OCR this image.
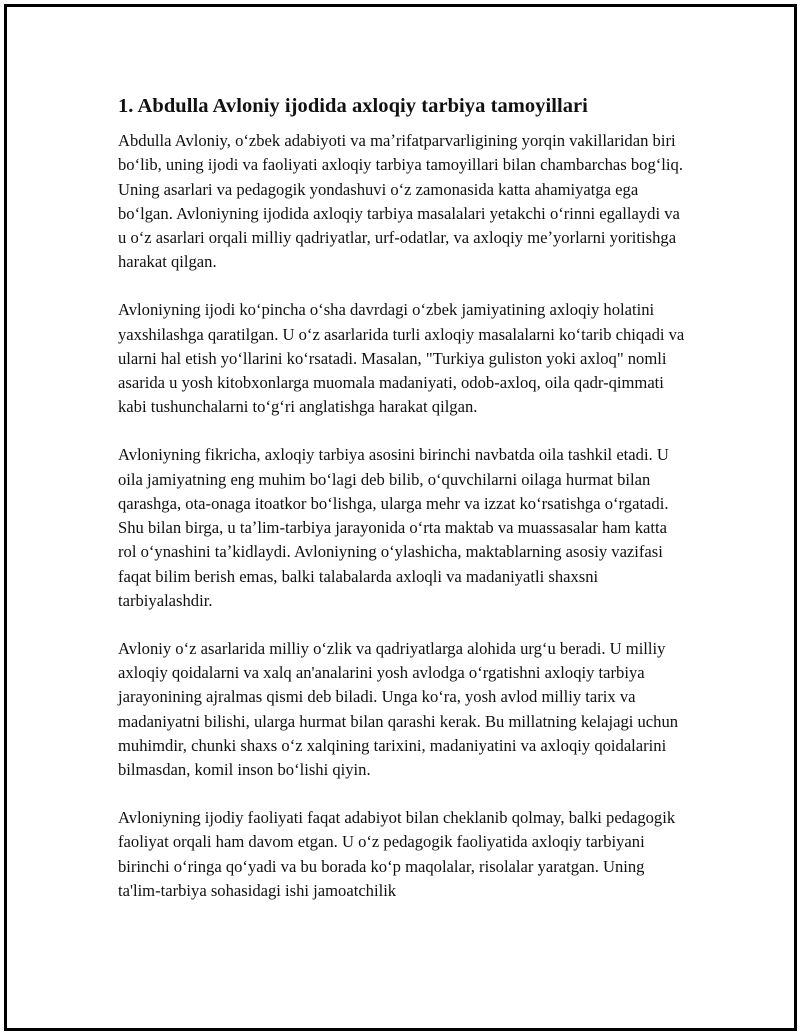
1. Abdulla Avloniy ijodida axloqiy tarbiya tamoyillari

Abdulla Avloniy, oʻzbek adabiyoti va maʼrifatparvarligining yorqin vakillaridan biri boʻlib, uning ijodi va faoliyati axloqiy tarbiya tamoyillari bilan chambarchas bogʻliq. Uning asarlari va pedagogik yondashuvi oʻz zamonasida katta ahamiyatga ega boʻlgan. Avloniyning ijodida axloqiy tarbiya masalalari yetakchi oʻrinni egallaydi va u oʻz asarlari orqali milliy qadriyatlar, urf-odatlar, va axloqiy meʼyorlarni yoritishga harakat qilgan.

Avloniyning ijodi koʻpincha oʻsha davrdagi oʻzbek jamiyatining axloqiy holatini yaxshilashga qaratilgan. U oʻz asarlarida turli axloqiy masalalarni koʻtarib chiqadi va ularni hal etish yoʻllarini koʻrsatadi. Masalan, "Turkiya guliston yoki axloq" nomli asarida u yosh kitobxonlarga muomala madaniyati, odob-axloq, oila qadr-qimmati kabi tushunchalarni toʻgʻri anglatishga harakat qilgan.

Avloniyning fikricha, axloqiy tarbiya asosini birinchi navbatda oila tashkil etadi. U oila jamiyatning eng muhim boʻlagi deb bilib, oʻquvchilarni oilaga hurmat bilan qarashga, ota-onaga itoatkor boʻlishga, ularga mehr va izzat koʻrsatishga oʻrgatadi. Shu bilan birga, u taʼlim-tarbiya jarayonida oʻrta maktab va muassasalar ham katta rol oʻynashini taʼkidlaydi. Avloniyning oʻylashicha, maktablarning asosiy vazifasi faqat bilim berish emas, balki talabalarda axloqli va madaniyatli shaxsni tarbiyalashdir.

Avloniy oʻz asarlarida milliy oʻzlik va qadriyatlarga alohida urgʻu beradi. U milliy axloqiy qoidalarni va xalq an'analarini yosh avlodga oʻrgatishni axloqiy tarbiya jarayonining ajralmas qismi deb biladi. Unga koʻra, yosh avlod milliy tarix va madaniyatni bilishi, ularga hurmat bilan qarashi kerak. Bu millatning kelajagi uchun muhimdir, chunki shaxs oʻz xalqining tarixini, madaniyatini va axloqiy qoidalarini bilmasdan, komil inson boʻlishi qiyin.

Avloniyning ijodiy faoliyati faqat adabiyot bilan cheklanib qolmay, balki pedagogik faoliyat orqali ham davom etgan. U oʻz pedagogik faoliyatida axloqiy tarbiyani birinchi oʻringa qoʻyadi va bu borada koʻp maqolalar, risolalar yaratgan. Uning ta'lim-tarbiya sohasidagi ishi jamoatchilik
